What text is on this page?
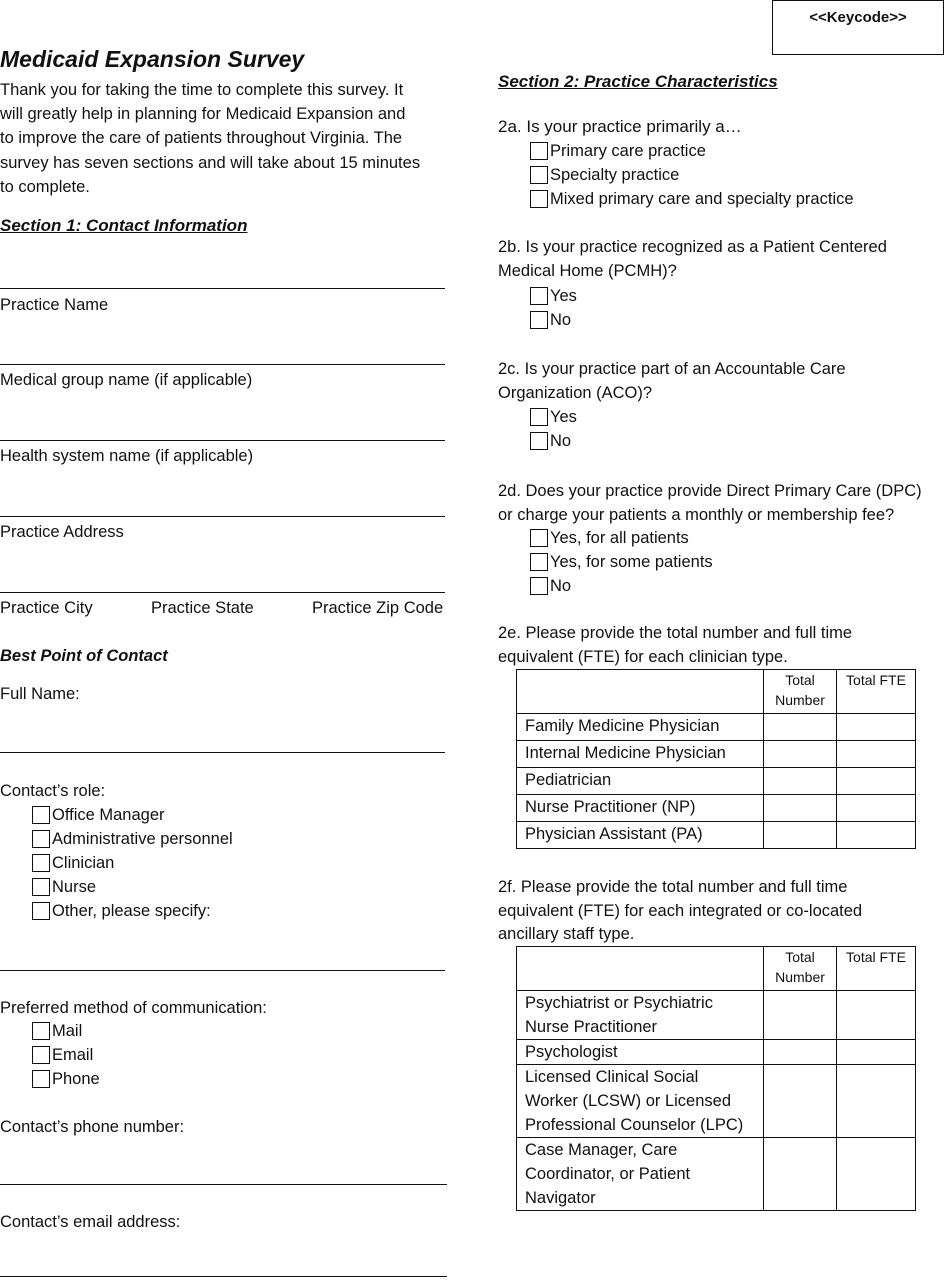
<<Keycode>>
Medicaid Expansion Survey
Thank you for taking the time to complete this survey. It
will greatly help in planning for Medicaid Expansion and
to improve the care of patients throughout Virginia. The
survey has seven sections and will take about 15 minutes
to complete.
Section 1: Contact Information
Practice Name
Medical group name (if applicable)
Health system name (if applicable)
Practice Address
Practice City	Practice State	Practice Zip Code
Best Point of Contact
Full Name:
Contact’s role:
Office Manager
Administrative personnel
Clinician
Nurse
Other, please specify:
Preferred method of communication:
Mail
Email
Phone
Contact’s phone number:
Contact’s email address:
Section 2: Practice Characteristics
2a. Is your practice primarily a…
Primary care practice
Specialty practice
Mixed primary care and specialty practice
2b. Is your practice recognized as a Patient Centered
Medical Home (PCMH)?
Yes
No
2c. Is your practice part of an Accountable Care
Organization (ACO)?
Yes
No
2d. Does your practice provide Direct Primary Care (DPC)
or charge your patients a monthly or membership fee?
Yes, for all patients
Yes, for some patients
No
2e. Please provide the total number and full time
equivalent (FTE) for each clinician type.
	Total Number	Total FTE
Family Medicine Physician		
Internal Medicine Physician		
Pediatrician		
Nurse Practitioner (NP)		
Physician Assistant (PA)		
2f. Please provide the total number and full time
equivalent (FTE) for each integrated or co-located
ancillary staff type.
	Total Number	Total FTE

Psychiatrist or Psychiatric
Nurse Practitioner		

Psychologist		

Licensed Clinical Social
Worker (LCSW) or Licensed
Professional Counselor (LPC)		

Case Manager, Care
Coordinator, or Patient
Navigator		
